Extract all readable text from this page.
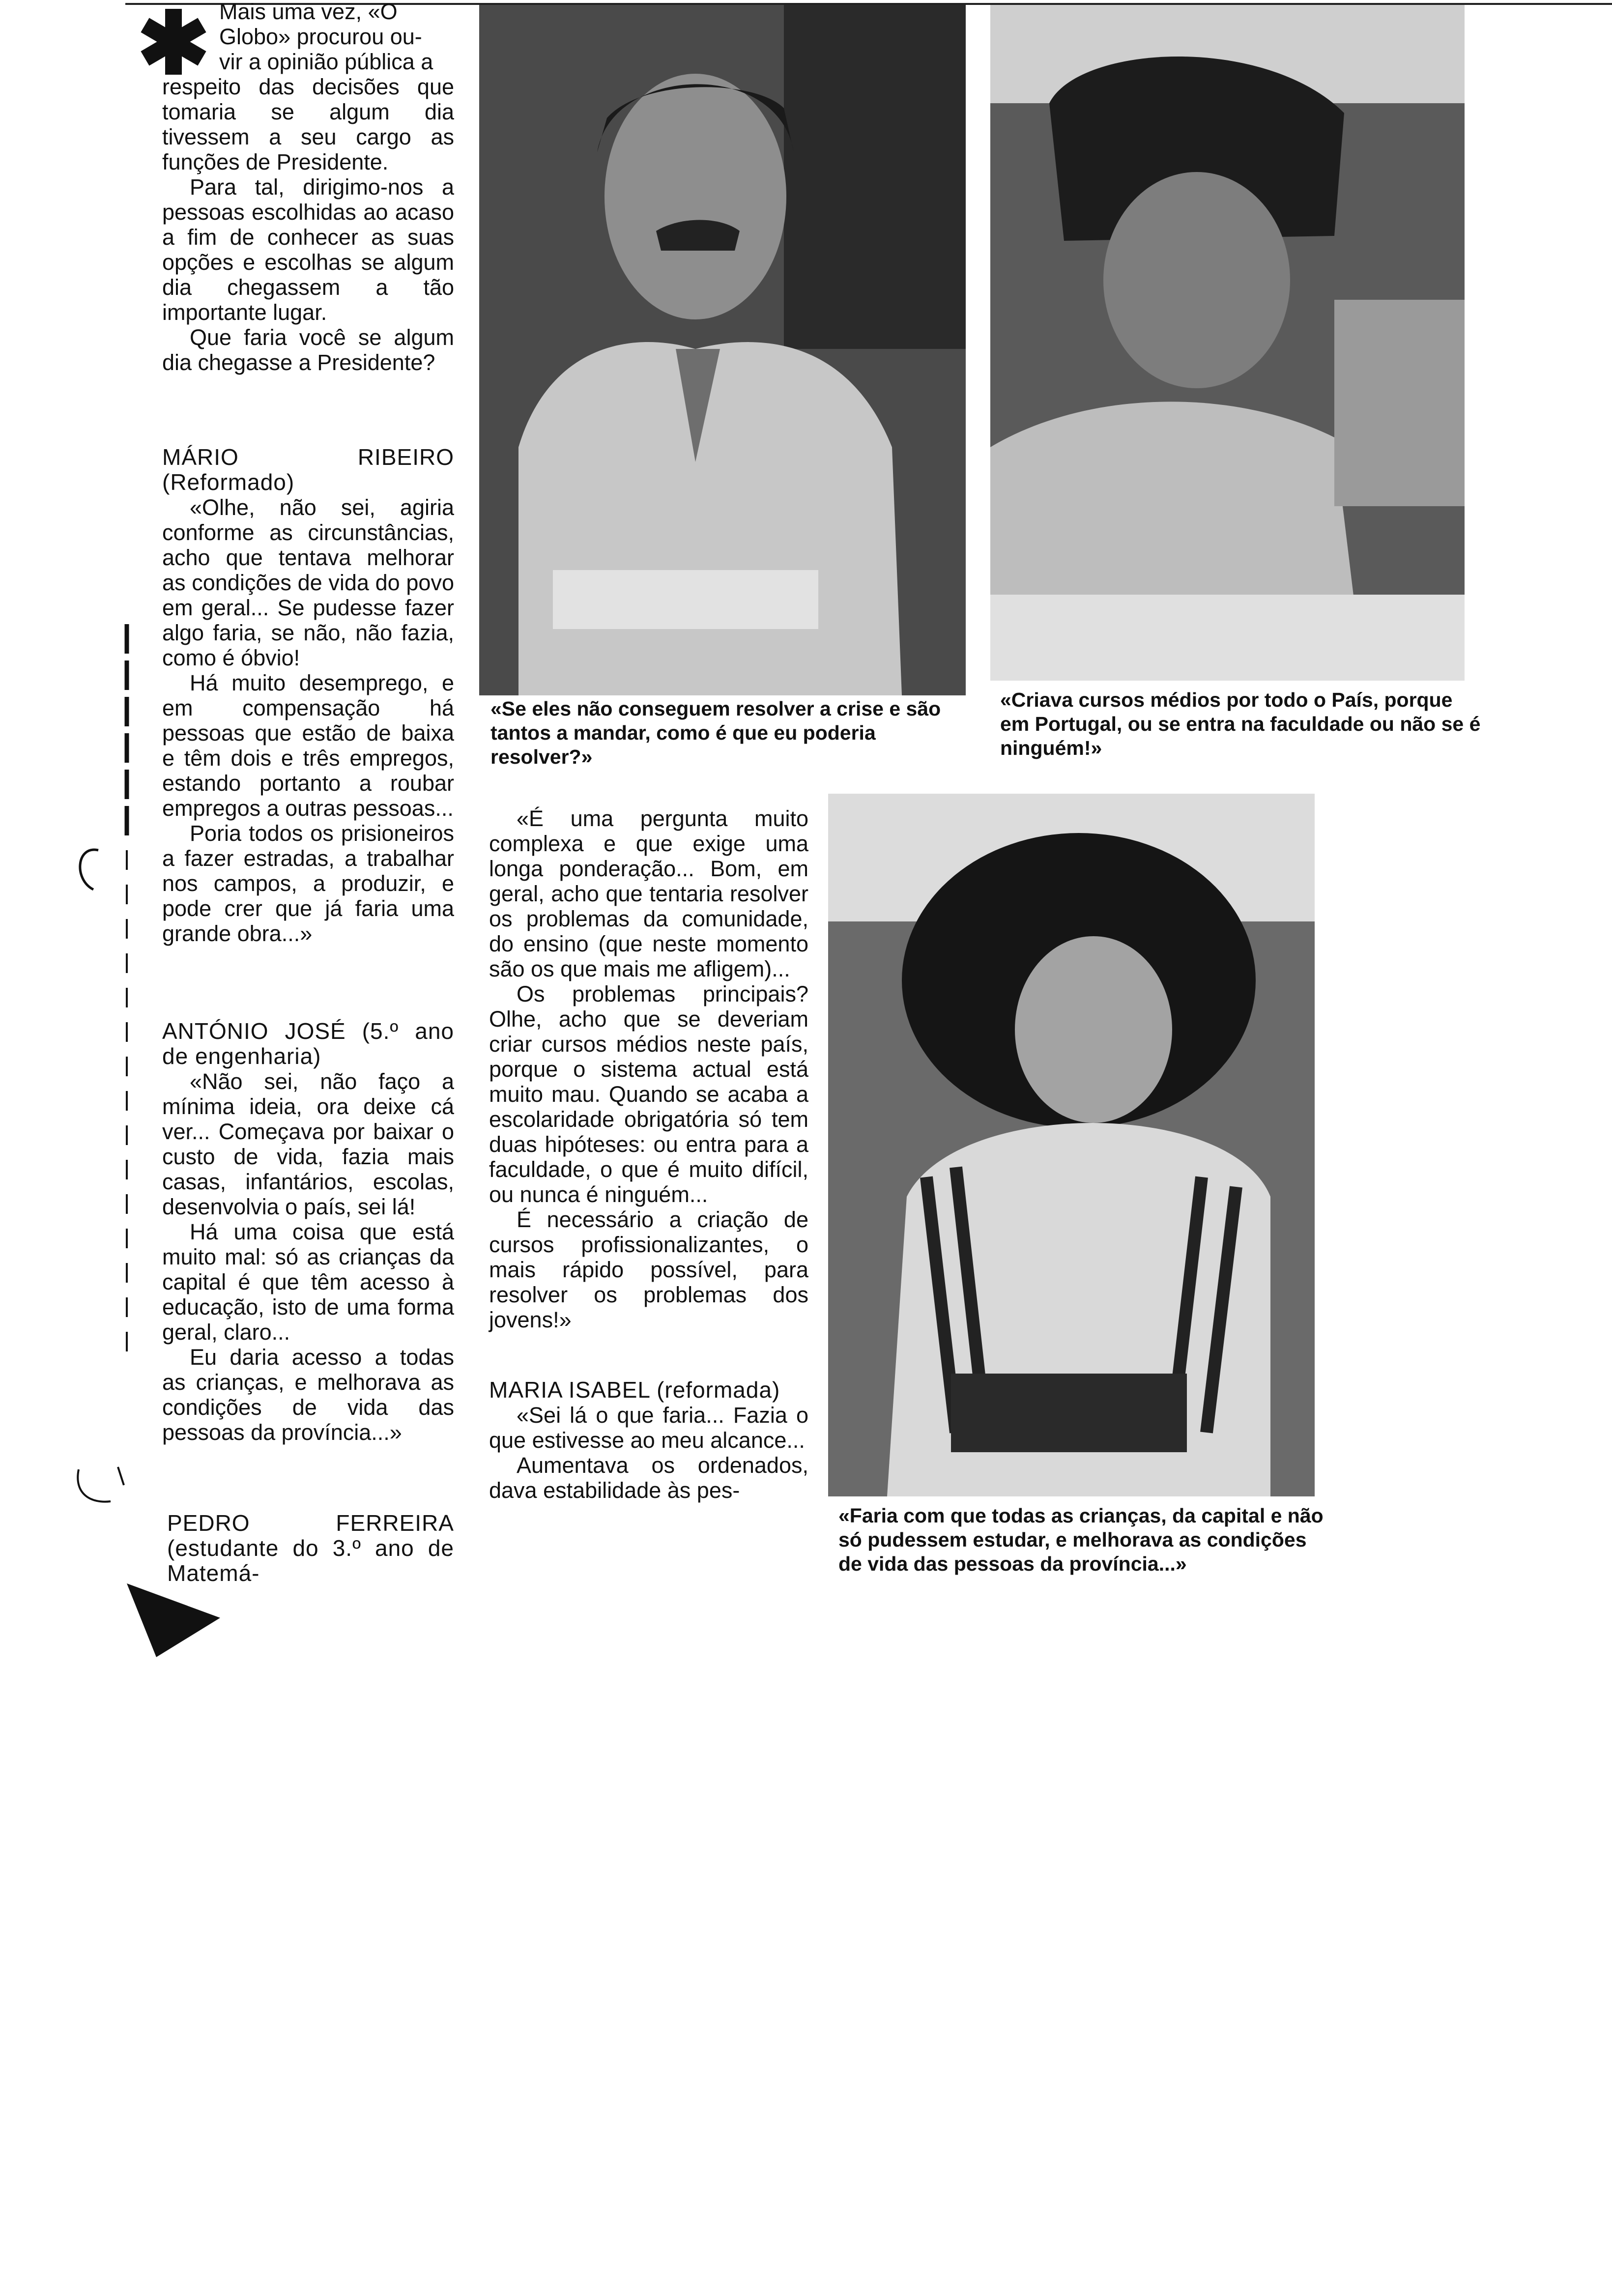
Mais uma vez, «O
Globo» procurou ou-
vir a opinião pública a

respeito das decisões que tomaria se algum dia tivessem a seu cargo as funções de Presidente.

Para tal, dirigimo-nos a pessoas escolhidas ao acaso a fim de conhecer as suas opções e escolhas se algum dia chegassem a tão importante lugar.

Que faria você se algum dia chegasse a Presidente?

MÁRIO RIBEIRO (Reformado)

«Olhe, não sei, agiria conforme as circunstâncias, acho que tentava melhorar as condições de vida do povo em geral... Se pudesse fazer algo faria, se não, não fazia, como é óbvio!

Há muito desemprego, e em compensação há pessoas que estão de baixa e têm dois e três empregos, estando portanto a roubar empregos a outras pessoas...

Poria todos os prisioneiros a fazer estradas, a trabalhar nos campos, a produzir, e pode crer que já faria uma grande obra...»

ANTÓNIO JOSÉ (5.º ano de engenharia)

«Não sei, não faço a mínima ideia, ora deixe cá ver... Começava por baixar o custo de vida, fazia mais casas, infantários, escolas, desenvolvia o país, sei lá!

Há uma coisa que está muito mal: só as crianças da capital é que têm acesso à educação, isto de uma forma geral, claro...

Eu daria acesso a todas as crianças, e melhorava as condições de vida das pessoas da província...»

PEDRO FERREIRA (estudante do 3.º ano de Matemá-

«Se eles não conseguem resolver a crise e são tantos a mandar, como é que eu poderia resolver?»
«Criava cursos médios por todo o País, porque em Portugal, ou se entra na faculdade ou não se é ninguém!»
«Faria com que todas as crianças, da capital e não só pudessem estudar, e melhorava as condições de vida das pessoas da província...»

«É uma pergunta muito complexa e que exige uma longa ponderação... Bom, em geral, acho que tentaria resolver os problemas da comunidade, do ensino (que neste momento são os que mais me afligem)...

Os problemas principais? Olhe, acho que se deveriam criar cursos médios neste país, porque o sistema actual está muito mau. Quando se acaba a escolaridade obrigatória só tem duas hipóteses: ou entra para a faculdade, o que é muito difícil, ou nunca é ninguém...

É necessário a criação de cursos profissionalizantes, o mais rápido possível, para resolver os problemas dos jovens!»

MARIA ISABEL (reformada)

«Sei lá o que faria... Fazia o que estivesse ao meu alcance...

Aumentava os ordenados, dava estabilidade às pes-
